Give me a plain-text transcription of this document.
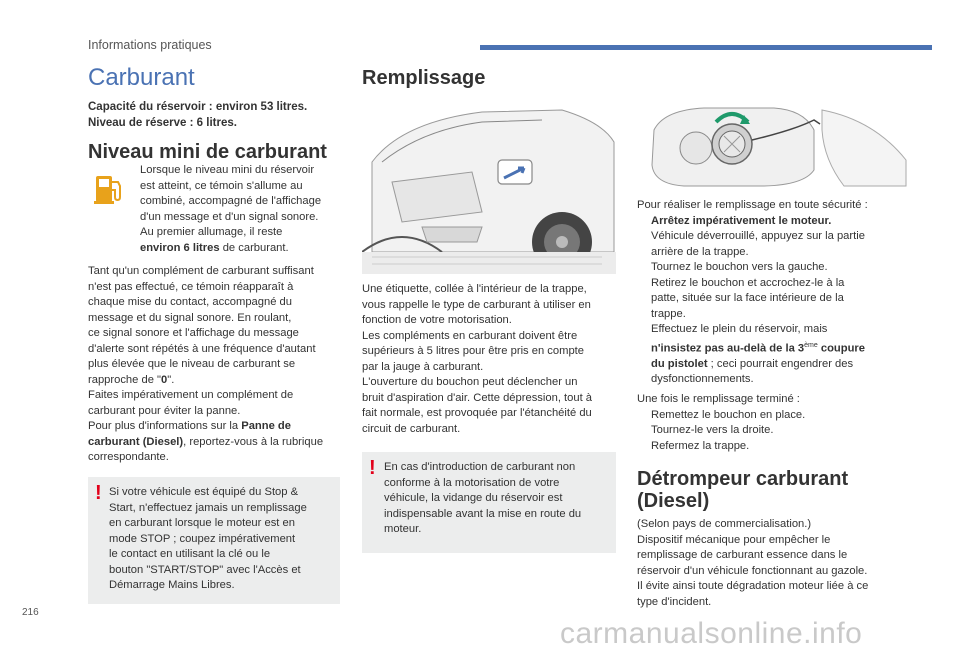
Informations pratiques
Carburant
Capacité du réservoir : environ 53 litres.
Niveau de réserve : 6 litres.
Niveau mini de carburant
Lorsque le niveau mini du réservoir
est atteint, ce témoin s'allume au
combiné, accompagné de l'affichage
d'un message et d'un signal sonore.
Au premier allumage, il reste
environ 6 litres de carburant.
Tant qu'un complément de carburant suffisant
n'est pas effectué, ce témoin réapparaît à
chaque mise du contact, accompagné du
message et du signal sonore. En roulant,
ce signal sonore et l'affichage du message
d'alerte sont répétés à une fréquence d'autant
plus élevée que le niveau de carburant se
rapproche de "0".
Faites impérativement un complément de
carburant pour éviter la panne.
Pour plus d'informations sur la Panne de
carburant (Diesel), reportez-vous à la rubrique
correspondante.
! Si votre véhicule est équipé du Stop &
Start, n'effectuez jamais un remplissage
en carburant lorsque le moteur est en
mode STOP ; coupez impérativement
le contact en utilisant la clé ou le
bouton "START/STOP" avec l'Accès et
Démarrage Mains Libres.
Remplissage
Une étiquette, collée à l'intérieur de la trappe,
vous rappelle le type de carburant à utiliser en
fonction de votre motorisation.
Les compléments en carburant doivent être
supérieurs à 5 litres pour être pris en compte
par la jauge à carburant.
L'ouverture du bouchon peut déclencher un
bruit d'aspiration d'air. Cette dépression, tout à
fait normale, est provoquée par l'étanchéité du
circuit de carburant.
! En cas d'introduction de carburant non
conforme à la motorisation de votre
véhicule, la vidange du réservoir est
indispensable avant la mise en route du
moteur.
Pour réaliser le remplissage en toute sécurité :
Arrêtez impérativement le moteur.
Véhicule déverrouillé, appuyez sur la partie
arrière de la trappe.
Tournez le bouchon vers la gauche.
Retirez le bouchon et accrochez-le à la
patte, située sur la face intérieure de la
trappe.
Effectuez le plein du réservoir, mais
n'insistez pas au-delà de la 3ème coupure
du pistolet ; ceci pourrait engendrer des
dysfonctionnements.
Une fois le remplissage terminé :
Remettez le bouchon en place.
Tournez-le vers la droite.
Refermez la trappe.
Détrompeur carburant
(Diesel)
(Selon pays de commercialisation.)
Dispositif mécanique pour empêcher le
remplissage de carburant essence dans le
réservoir d'un véhicule fonctionnant au gazole.
Il évite ainsi toute dégradation moteur liée à ce
type d'incident.
216
carmanualsonline.info
